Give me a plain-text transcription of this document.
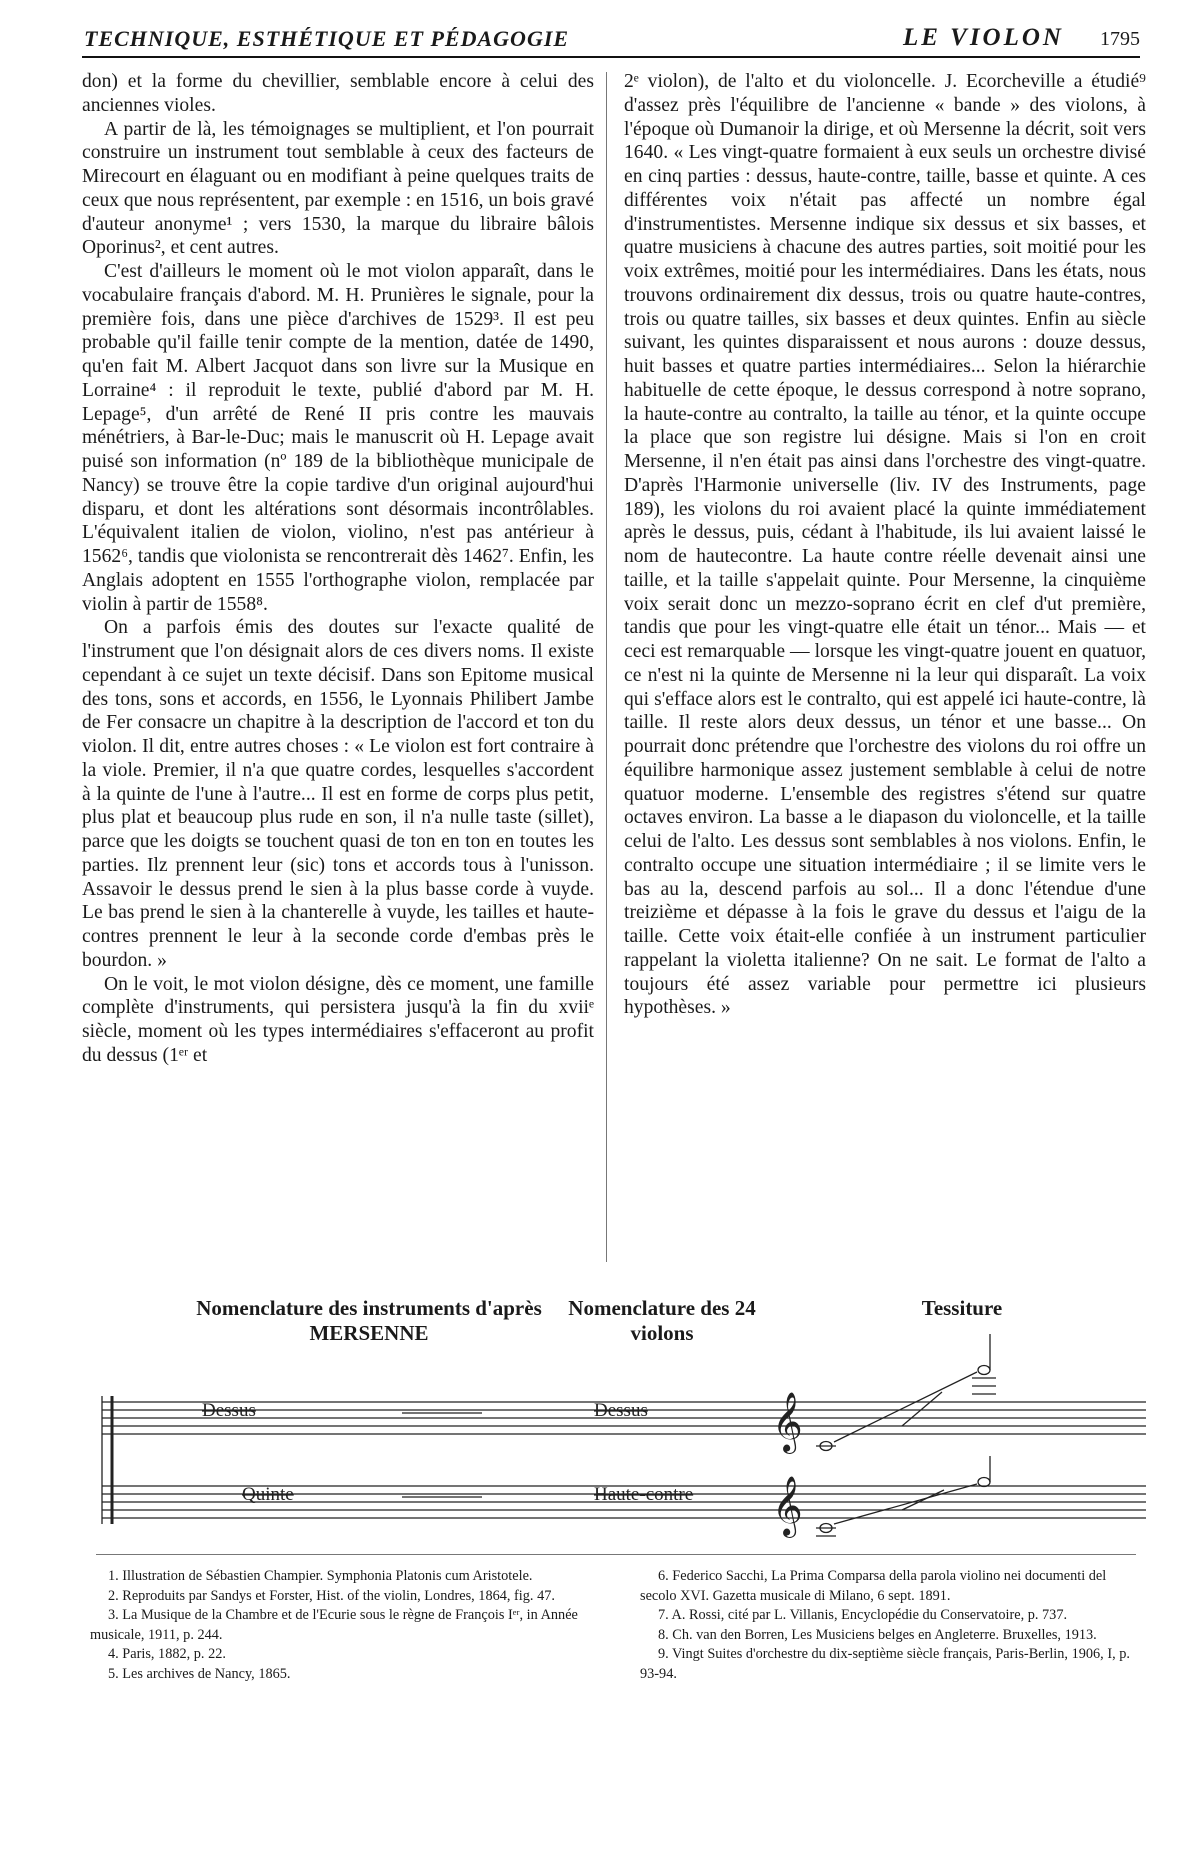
TECHNIQUE, ESTHÉTIQUE ET PÉDAGOGIE	LE VIOLON 1795

don) et la forme du chevillier, semblable encore à celui des anciennes violes.

A partir de là, les témoignages se multiplient, et l'on pourrait construire un instrument tout semblable à ceux des facteurs de Mirecourt en élaguant ou en modifiant à peine quelques traits de ceux que nous représentent, par exemple : en 1516, un bois gravé d'auteur anonyme¹ ; vers 1530, la marque du libraire bâlois Oporinus², et cent autres.

C'est d'ailleurs le moment où le mot violon apparaît, dans le vocabulaire français d'abord. M. H. Prunières le signale, pour la première fois, dans une pièce d'archives de 1529³. Il est peu probable qu'il faille tenir compte de la mention, datée de 1490, qu'en fait M. Albert Jacquot dans son livre sur la Musique en Lorraine⁴ : il reproduit le texte, publié d'abord par M. H. Lepage⁵, d'un arrêté de René II pris contre les mauvais ménétriers, à Bar-le-Duc; mais le manuscrit où H. Lepage avait puisé son information (nº 189 de la bibliothèque municipale de Nancy) se trouve être la copie tardive d'un original aujourd'hui disparu, et dont les altérations sont désormais incontrôlables. L'équivalent italien de violon, violino, n'est pas antérieur à 1562⁶, tandis que violonista se rencontrerait dès 1462⁷. Enfin, les Anglais adoptent en 1555 l'orthographe violon, remplacée par violin à partir de 1558⁸.

On a parfois émis des doutes sur l'exacte qualité de l'instrument que l'on désignait alors de ces divers noms. Il existe cependant à ce sujet un texte décisif. Dans son Epitome musical des tons, sons et accords, en 1556, le Lyonnais Philibert Jambe de Fer consacre un chapitre à la description de l'accord et ton du violon. Il dit, entre autres choses : « Le violon est fort contraire à la viole. Premier, il n'a que quatre cordes, lesquelles s'accordent à la quinte de l'une à l'autre... Il est en forme de corps plus petit, plus plat et beaucoup plus rude en son, il n'a nulle taste (sillet), parce que les doigts se touchent quasi de ton en ton en toutes les parties. Ilz prennent leur (sic) tons et accords tous à l'unisson. Assavoir le dessus prend le sien à la plus basse corde à vuyde. Le bas prend le sien à la chanterelle à vuyde, les tailles et haute-contres prennent le leur à la seconde corde d'embas près le bourdon. »

On le voit, le mot violon désigne, dès ce moment, une famille complète d'instruments, qui persistera jusqu'à la fin du xviiᵉ siècle, moment où les types intermédiaires s'effaceront au profit du dessus (1ᵉʳ et

2ᵉ violon), de l'alto et du violoncelle. J. Ecorcheville a étudié⁹ d'assez près l'équilibre de l'ancienne « bande » des violons, à l'époque où Dumanoir la dirige, et où Mersenne la décrit, soit vers 1640. « Les vingt-quatre formaient à eux seuls un orchestre divisé en cinq parties : dessus, haute-contre, taille, basse et quinte. A ces différentes voix n'était pas affecté un nombre égal d'instrumentistes. Mersenne indique six dessus et six basses, et quatre musiciens à chacune des autres parties, soit moitié pour les voix extrêmes, moitié pour les intermédiaires. Dans les états, nous trouvons ordinairement dix dessus, trois ou quatre haute-contres, trois ou quatre tailles, six basses et deux quintes. Enfin au siècle suivant, les quintes disparaissent et nous aurons : douze dessus, huit basses et quatre parties intermédiaires... Selon la hiérarchie habituelle de cette époque, le dessus correspond à notre soprano, la haute-contre au contralto, la taille au ténor, et la quinte occupe la place que son registre lui désigne. Mais si l'on en croit Mersenne, il n'en était pas ainsi dans l'orchestre des vingt-quatre. D'après l'Harmonie universelle (liv. IV des Instruments, page 189), les violons du roi avaient placé la quinte immédiatement après le dessus, puis, cédant à l'habitude, ils lui avaient laissé le nom de hautecontre. La haute contre réelle devenait ainsi une taille, et la taille s'appelait quinte. Pour Mersenne, la cinquième voix serait donc un mezzo-soprano écrit en clef d'ut première, tandis que pour les vingt-quatre elle était un ténor... Mais — et ceci est remarquable — lorsque les vingt-quatre jouent en quatuor, ce n'est ni la quinte de Mersenne ni la leur qui disparaît. La voix qui s'efface alors est le contralto, qui est appelé ici haute-contre, là taille. Il reste alors deux dessus, un ténor et une basse... On pourrait donc prétendre que l'orchestre des violons du roi offre un équilibre harmonique assez justement semblable à celui de notre quatuor moderne. L'ensemble des registres s'étend sur quatre octaves environ. La basse a le diapason du violoncelle, et la taille celui de l'alto. Les dessus sont semblables à nos violons. Enfin, le contralto occupe une situation intermédiaire ; il se limite vers le bas au la, descend parfois au sol... Il a donc l'étendue d'une treizième et dépasse à la fois le grave du dessus et l'aigu de la taille. Cette voix était-elle confiée à un instrument particulier rappelant la violetta italienne? On ne sait. Le format de l'alto a toujours été assez variable pour permettre ici plusieurs hypothèses. »

Nomenclature des instruments d'après MERSENNE
Nomenclature des 24 violons
Tessiture
𝄞
𝄞
Dessus	Dessus
Quinte	Haute-contre

1. Illustration de Sébastien Champier. Symphonia Platonis cum Aristotele.

2. Reproduits par Sandys et Forster, Hist. of the violin, Londres, 1864, fig. 47.

3. La Musique de la Chambre et de l'Ecurie sous le règne de François Iᵉʳ, in Année musicale, 1911, p. 244.

4. Paris, 1882, p. 22.

5. Les archives de Nancy, 1865.

6. Federico Sacchi, La Prima Comparsa della parola violino nei documenti del secolo XVI. Gazetta musicale di Milano, 6 sept. 1891.

7. A. Rossi, cité par L. Villanis, Encyclopédie du Conservatoire, p. 737.

8. Ch. van den Borren, Les Musiciens belges en Angleterre. Bruxelles, 1913.

9. Vingt Suites d'orchestre du dix-septième siècle français, Paris-Berlin, 1906, I, p. 93-94.
